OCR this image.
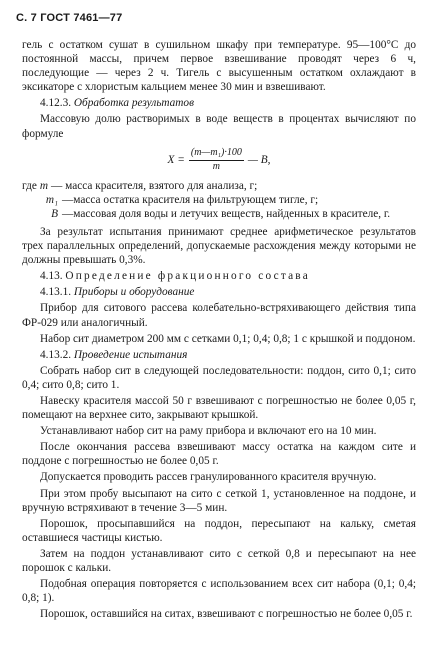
С. 7 ГОСТ 7461—77

гель с остатком сушат в сушильном шкафу при температуре. 95—100°С до постоянной массы, причем первое взвешивание проводят через 6 ч, последующие — через 2 ч. Тигель с высушенным остатком охлаждают в эксикаторе с хлористым кальцием менее 30 мин и взвешивают.

4.12.3. Обработка результатов

Массовую долю растворимых в воде веществ в процентах вычисляют по формуле

$X = \frac{\text{(m—m₁)·100}}{m}$ — B,
где m — масса красителя, взятого для анализа, г;
m₁ —масса остатка красителя на фильтрующем тигле, г;
B —массовая доля воды и летучих веществ, найденных в красителе, г.

За результат испытания принимают среднее арифметическое результатов трех параллельных определений, допускаемые расхождения между которыми не должны превышать 0,3%.

4.13. Определение фракционного состава

4.13.1. Приборы и оборудование

Прибор для ситового рассева колебательно-встряхивающего действия типа ФР-029 или аналогичный.

Набор сит диаметром 200 мм с сетками 0,1; 0,4; 0,8; 1 с крышкой и поддоном.

4.13.2. Проведение испытания

Собрать набор сит в следующей последовательности: поддон, сито 0,1; сито 0,4; сито 0,8; сито 1.

Навеску красителя массой 50 г взвешивают с погрешностью не более 0,05 г, помещают на верхнее сито, закрывают крышкой.

Устанавливают набор сит на раму прибора и включают его на 10 мин.

После окончания рассева взвешивают массу остатка на каждом сите и поддоне с погрешностью не более 0,05 г.

Допускается проводить рассев гранулированного красителя вручную.

При этом пробу высыпают на сито с сеткой 1, установленное на поддоне, и вручную встряхивают в течение 3—5 мин.

Порошок, просыпавшийся на поддон, пересыпают на кальку, сметая оставшиеся частицы кистью.

Затем на поддон устанавливают сито с сеткой 0,8 и пересыпают на нее порошок с кальки.

Подобная операция повторяется с использованием всех сит набора (0,1; 0,4; 0,8; 1).

Порошок, оставшийся на ситах, взвешивают с погрешностью не более 0,05 г.
